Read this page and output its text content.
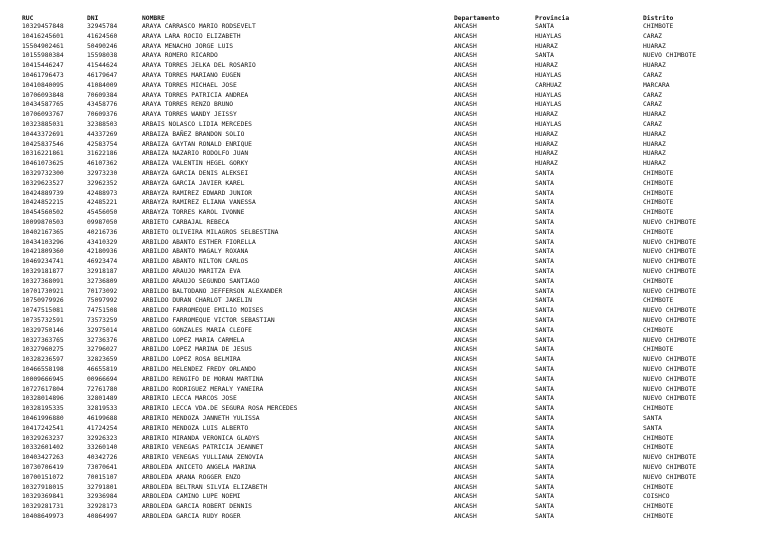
RUC	DNI	NOMBRE	Departamento	Provincia	Distrito
10329457848	32945784	ARAYA CARRASCO MARIO RODSEVELT	ANCASH	SANTA	CHIMBOTE
10416245601	41624560	ARAYA LARA ROCIO ELIZABETH	ANCASH	HUAYLAS	CARAZ
15504902461	50490246	ARAYA MENACHO JORGE LUIS	ANCASH	HUARAZ	HUARAZ
10155980384	15598038	ARAYA ROMERO RICARDO	ANCASH	SANTA	NUEVO CHIMBOTE
10415446247	41544624	ARAYA TORRES JELKA DEL ROSARIO	ANCASH	HUARAZ	HUARAZ
10461796473	46179647	ARAYA TORRES MARIANO EUGEN	ANCASH	HUAYLAS	CARAZ
10410840095	41084009	ARAYA TORRES MICHAEL JOSE	ANCASH	CARHUAZ	MARCARA
10706093848	70609384	ARAYA TORRES PATRICIA ANDREA	ANCASH	HUAYLAS	CARAZ
10434587765	43458776	ARAYA TORRES RENZO BRUNO	ANCASH	HUAYLAS	CARAZ
10706093767	70609376	ARAYA TORRES WANDY JEISSY	ANCASH	HUARAZ	HUARAZ
10323885031	32388503	ARBAIS NOLASCO LIDIA MERCEDES	ANCASH	HUAYLAS	CARAZ
10443372691	44337269	ARBAIZA BAÑEZ BRANDON SOLIO	ANCASH	HUARAZ	HUARAZ
10425837546	42583754	ARBAIZA GAYTAN RONALD ENRIQUE	ANCASH	HUARAZ	HUARAZ
10316221861	31622186	ARBAIZA NAZARIO RODOLFO JUAN	ANCASH	HUARAZ	HUARAZ
10461073625	46107362	ARBAIZA VALENTIN HEGEL GORKY	ANCASH	HUARAZ	HUARAZ
10329732300	32973230	ARBAYZA GARCIA DENIS ALEKSEI	ANCASH	SANTA	CHIMBOTE
10329623527	32962352	ARBAYZA GARCIA JAVIER KAREL	ANCASH	SANTA	CHIMBOTE
10424889739	42488973	ARBAYZA RAMIREZ EDWARD JUNIOR	ANCASH	SANTA	CHIMBOTE
10424852215	42485221	ARBAYZA RAMIREZ ELIANA VANESSA	ANCASH	SANTA	CHIMBOTE
10454560502	45456050	ARBAYZA TORRES KAROL IVONNE	ANCASH	SANTA	CHIMBOTE
10099870503	09987050	ARBIETO CARBAJAL REBECA	ANCASH	SANTA	NUEVO CHIMBOTE
10402167365	40216736	ARBIETO OLIVEIRA MILAGROS SELBESTINA	ANCASH	SANTA	CHIMBOTE
10434103296	43410329	ARBILDO ABANTO ESTHER FIORELLA	ANCASH	SANTA	NUEVO CHIMBOTE
10421809360	42180936	ARBILDO ABANTO MAGALY ROXANA	ANCASH	SANTA	NUEVO CHIMBOTE
10469234741	46923474	ARBILDO ABANTO NILTON CARLOS	ANCASH	SANTA	NUEVO CHIMBOTE
10329181877	32918187	ARBILDO ARAUJO MARITZA EVA	ANCASH	SANTA	NUEVO CHIMBOTE
10327368091	32736809	ARBILDO ARAUJO SEGUNDO SANTIAGO	ANCASH	SANTA	CHIMBOTE
10701730921	70173092	ARBILDO BALTODANO JEFFERSON ALEXANDER	ANCASH	SANTA	NUEVO CHIMBOTE
10750979926	75097992	ARBILDO DURAN CHARLOT JAKELIN	ANCASH	SANTA	CHIMBOTE
10747515081	74751508	ARBILDO FARROMEQUE EMILIO MOISES	ANCASH	SANTA	NUEVO CHIMBOTE
10735732591	73573259	ARBILDO FARROMEQUE VICTOR SEBASTIAN	ANCASH	SANTA	NUEVO CHIMBOTE
10329750146	32975014	ARBILDO GONZALES MARIA CLEOFE	ANCASH	SANTA	CHIMBOTE
10327363765	32736376	ARBILDO LOPEZ MARIA CARMELA	ANCASH	SANTA	NUEVO CHIMBOTE
10327960275	32796027	ARBILDO LOPEZ MARINA DE JESUS	ANCASH	SANTA	CHIMBOTE
10328236597	32823659	ARBILDO LOPEZ ROSA BELMIRA	ANCASH	SANTA	NUEVO CHIMBOTE
10466558198	46655819	ARBILDO MELENDEZ FREDY ORLANDO	ANCASH	SANTA	NUEVO CHIMBOTE
10009666945	00966694	ARBILDO RENGIFO DE MORAN MARTINA	ANCASH	SANTA	NUEVO CHIMBOTE
10727617804	72761780	ARBILDO RODRIGUEZ MERALY YANEIRA	ANCASH	SANTA	NUEVO CHIMBOTE
10328014896	32801489	ARBIRIO LECCA MARCOS JOSE	ANCASH	SANTA	NUEVO CHIMBOTE
10328195335	32819533	ARBIRIO LECCA VDA.DE SEGURA ROSA MERCEDES	ANCASH	SANTA	CHIMBOTE
10461996880	46199688	ARBIRIO MENDOZA JANNETH YULISSA	ANCASH	SANTA	SANTA
10417242541	41724254	ARBIRIO MENDOZA LUIS ALBERTO	ANCASH	SANTA	SANTA
10329263237	32926323	ARBIRIO MIRANDA VERONICA GLADYS	ANCASH	SANTA	CHIMBOTE
10332601402	33260140	ARBIRIO VENEGAS PATRICIA JEANNET	ANCASH	SANTA	CHIMBOTE
10403427263	40342726	ARBIRIO VENEGAS YULLIANA ZENOVIA	ANCASH	SANTA	NUEVO CHIMBOTE
10730706419	73070641	ARBOLEDA ANICETO ANGELA MARINA	ANCASH	SANTA	NUEVO CHIMBOTE
10700151072	70015107	ARBOLEDA ARANA ROGGER ENZO	ANCASH	SANTA	NUEVO CHIMBOTE
10327918015	32791801	ARBOLEDA BELTRAN SILVIA ELIZABETH	ANCASH	SANTA	CHIMBOTE
10329369841	32936984	ARBOLEDA CAMINO LUPE NOEMI	ANCASH	SANTA	COISHCO
10329281731	32928173	ARBOLEDA GARCIA ROBERT DENNIS	ANCASH	SANTA	CHIMBOTE
10408649973	40864997	ARBOLEDA GARCIA RUDY ROGER	ANCASH	SANTA	CHIMBOTE
